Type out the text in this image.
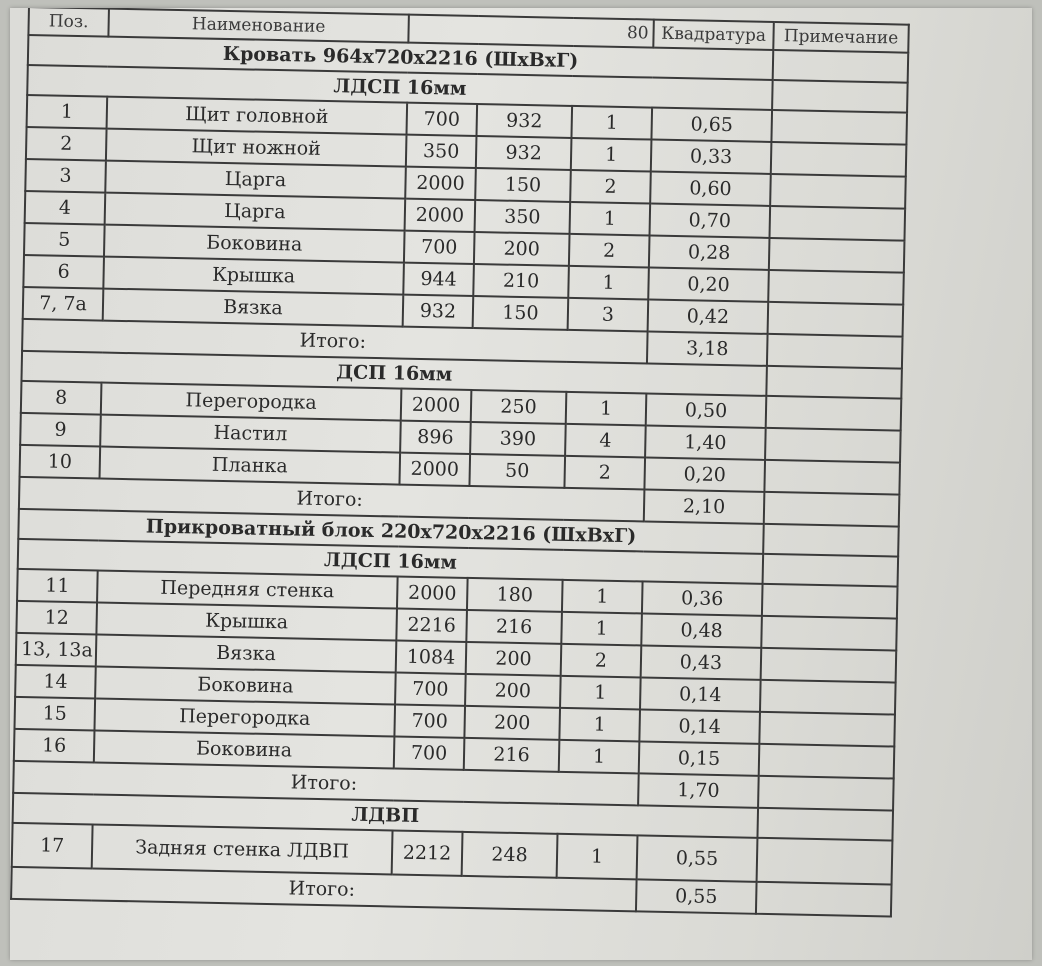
Поз.	Наименование	80			Квадратура	Примечание
Кровать 964x720x2216 (ШxВxГ)						
ЛДСП 16мм						
1	Щит головной	700	932	1	0,65	
2	Щит ножной	350	932	1	0,33	
3	Царга	2000	150	2	0,60	
4	Царга	2000	350	1	0,70	
5	Боковина	700	200	2	0,28	
6	Крышка	944	210	1	0,20	
7, 7а	Вязка	932	150	3	0,42	
Итого:					3,18	
ДСП 16мм						
8	Перегородка	2000	250	1	0,50	
9	Настил	896	390	4	1,40	
10	Планка	2000	50	2	0,20	
Итого:					2,10	
Прикроватный блок 220x720x2216 (ШxВxГ)						
ЛДСП 16мм						
11	Передняя стенка	2000	180	1	0,36	
12	Крышка	2216	216	1	0,48	
13, 13а	Вязка	1084	200	2	0,43	
14	Боковина	700	200	1	0,14	
15	Перегородка	700	200	1	0,14	
16	Боковина	700	216	1	0,15	
Итого:					1,70	
ЛДВП						
17	Задняя стенка ЛДВП	2212	248	1	0,55	
Итого:					0,55	
